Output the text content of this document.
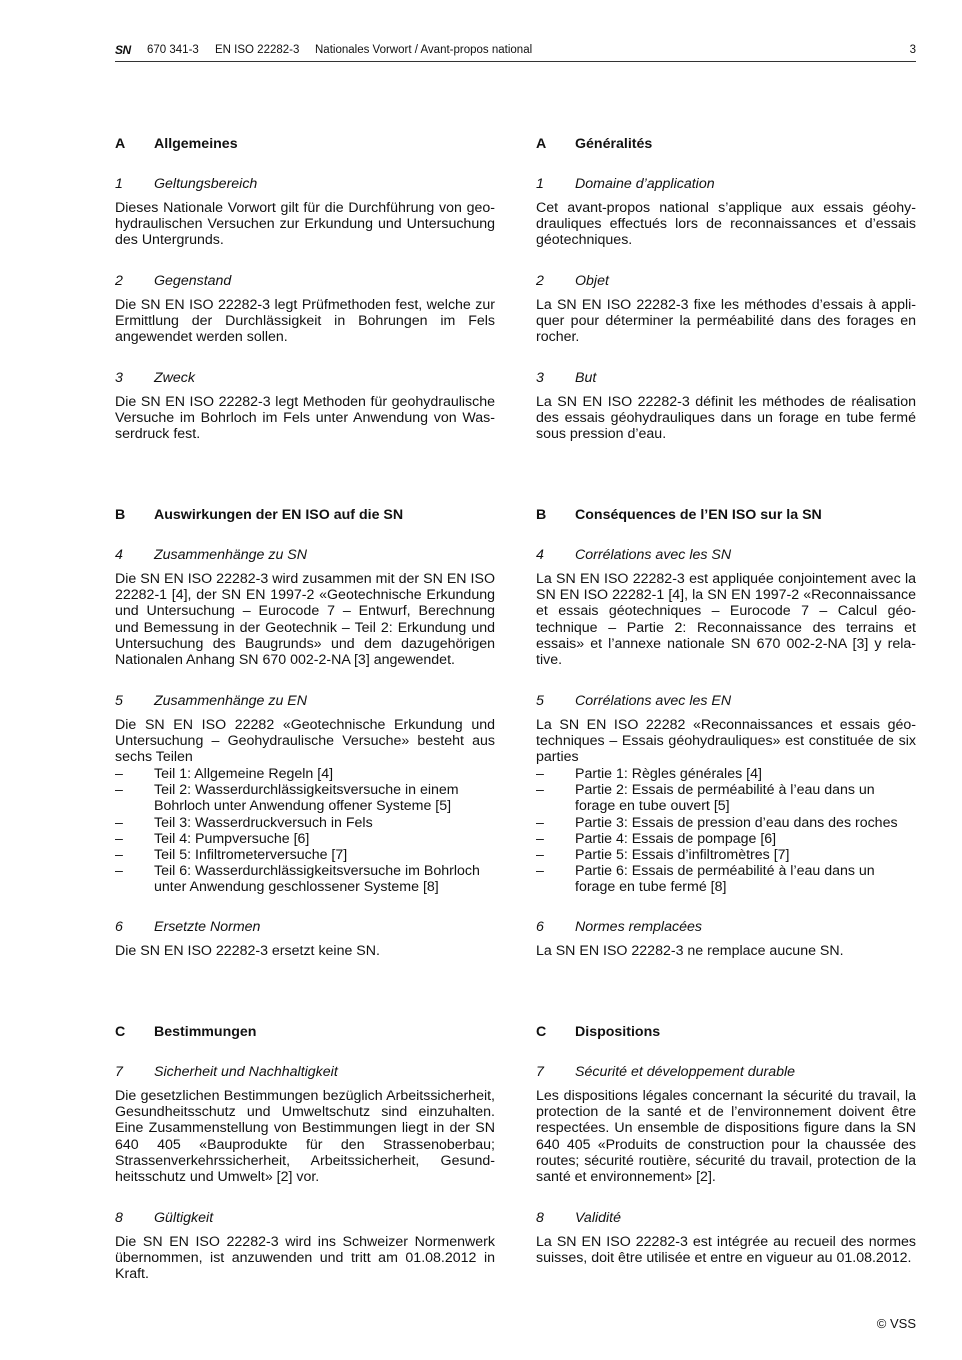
SN 670 341-3 EN ISO 22282-3 Nationales Vorwort / Avant-propos national	3
A Allgemeines
1 Geltungsbereich
Dieses Nationale Vorwort gilt für die Durchführung von geohydraulischen Versuchen zur Erkundung und Untersuchung des Untergrunds.
2 Gegenstand
Die SN EN ISO 22282-3 legt Prüfmethoden fest, welche zur Ermittlung der Durchlässigkeit in Bohrungen im Fels angewendet werden sollen.
3 Zweck
Die SN EN ISO 22282-3 legt Methoden für geohydraulische Versuche im Bohrloch im Fels unter Anwendung von Wasserdruck fest.
B Auswirkungen der EN ISO auf die SN
4 Zusammenhänge zu SN
Die SN EN ISO 22282-3 wird zusammen mit der SN EN ISO 22282-1 [4], der SN EN 1997-2 «Geotechnische Erkundung und Untersuchung – Eurocode 7 – Entwurf, Berechnung und Bemessung in der Geotechnik – Teil 2: Erkundung und Untersuchung des Baugrunds» und dem dazugehörigen Nationalen Anhang SN 670 002-2-NA [3] angewendet.
5 Zusammenhänge zu EN
Die SN EN ISO 22282 «Geotechnische Erkundung und Untersuchung – Geohydraulische Versuche» besteht aus sechs Teilen
– Teil 1: Allgemeine Regeln [4]
– Teil 2: Wasserdurchlässigkeitsversuche in einem Bohrloch unter Anwendung offener Systeme [5]
– Teil 3: Wasserdruckversuch in Fels
– Teil 4: Pumpversuche [6]
– Teil 5: Infiltrometerversuche [7]
– Teil 6: Wasserdurchlässigkeitsversuche im Bohrloch unter Anwendung geschlossener Systeme [8]
6 Ersetzte Normen
Die SN EN ISO 22282-3 ersetzt keine SN.
C Bestimmungen
7 Sicherheit und Nachhaltigkeit
Die gesetzlichen Bestimmungen bezüglich Arbeitssicherheit, Gesundheitsschutz und Umweltschutz sind einzuhalten. Eine Zusammenstellung von Bestimmungen liegt in der SN 640 405 «Bauprodukte für den Strassenoberbau; Strassenverkehrssicherheit, Arbeitssicherheit, Gesundheitsschutz und Umwelt» [2] vor.
8 Gültigkeit
Die SN EN ISO 22282-3 wird ins Schweizer Normenwerk übernommen, ist anzuwenden und tritt am 01.08.2012 in Kraft.
A Généralités
1 Domaine d’application
Cet avant-propos national s’applique aux essais géohydrauliques effectués lors de reconnaissances et d’essais géotechniques.
2 Objet
La SN EN ISO 22282-3 fixe les méthodes d’essais à appliquer pour déterminer la perméabilité dans des forages en rocher.
3 But
La SN EN ISO 22282-3 définit les méthodes de réalisation des essais géohydrauliques dans un forage en tube fermé sous pression d’eau.
B Conséquences de l’EN ISO sur la SN
4 Corrélations avec les SN
La SN EN ISO 22282-3 est appliquée conjointement avec la SN EN ISO 22282-1 [4], la SN EN 1997-2 «Reconnaissance et essais géotechniques – Eurocode 7 – Calcul géotechnique – Partie 2: Reconnaissance des terrains et essais» et l’annexe nationale SN 670 002-2-NA [3] y relative.
5 Corrélations avec les EN
La SN EN ISO 22282 «Reconnaissances et essais géotechniques – Essais géohydrauliques» est constituée de six parties
– Partie 1: Règles générales [4]
– Partie 2: Essais de perméabilité à l’eau dans un forage en tube ouvert [5]
– Partie 3: Essais de pression d’eau dans des roches
– Partie 4: Essais de pompage [6]
– Partie 5: Essais d’infiltromètres [7]
– Partie 6: Essais de perméabilité à l’eau dans un forage en tube fermé [8]
6 Normes remplacées
La SN EN ISO 22282-3 ne remplace aucune SN.
C Dispositions
7 Sécurité et développement durable
Les dispositions légales concernant la sécurité du travail, la protection de la santé et de l’environnement doivent être respectées. Un ensemble de dispositions figure dans la SN 640 405 «Produits de construction pour la chaussée des routes; sécurité routière, sécurité du travail, protection de la santé et environnement» [2].
8 Validité
La SN EN ISO 22282-3 est intégrée au recueil des normes suisses, doit être utilisée et entre en vigueur au 01.08.2012.
© VSS
